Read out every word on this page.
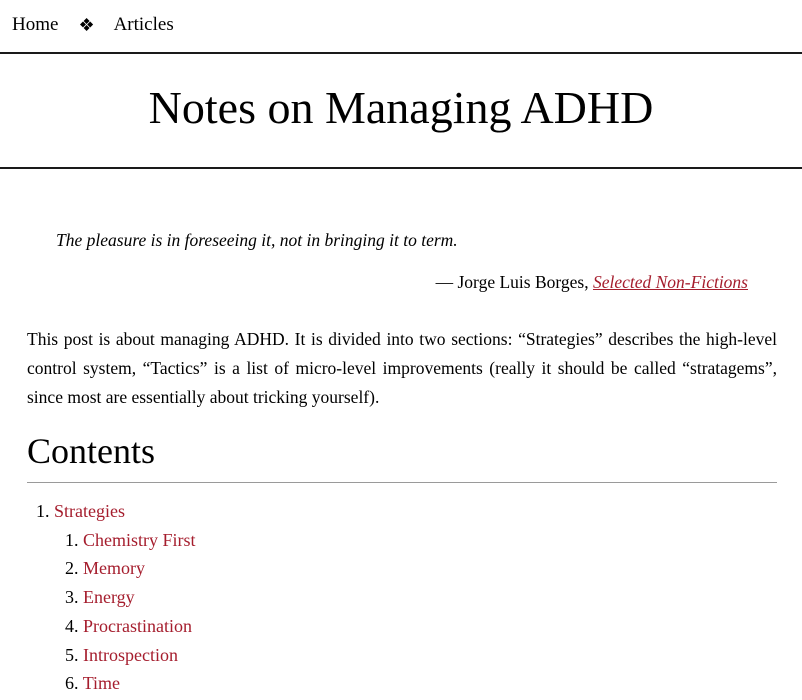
Home ❖ Articles
Notes on Managing ADHD

The pleasure is in foreseeing it, not in bringing it to term.

— Jorge Luis Borges, Selected Non-Fictions

This post is about managing ADHD. It is divided into two sections: “Strategies” describes the high-level control system, “Tactics” is a list of micro-level improvements (really it should be called “stratagems”, since most are essentially about tricking yourself).

Contents
1. Strategies
1. Chemistry First
2. Memory
3. Energy
4. Procrastination
5. Introspection
6. Time
